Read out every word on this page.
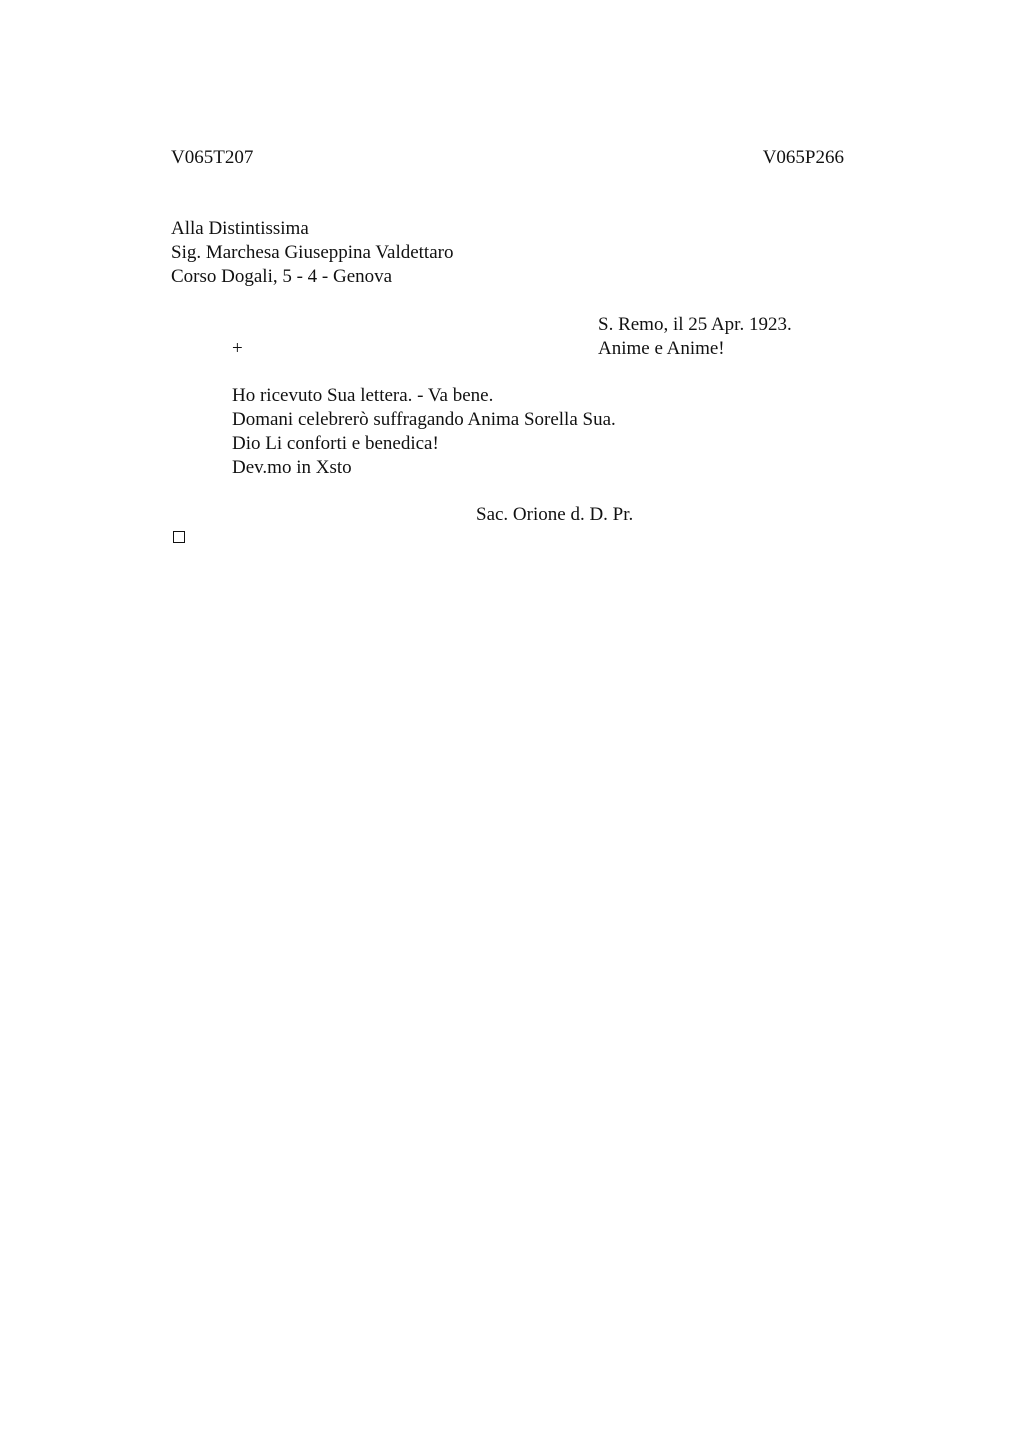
V065T207	V065P266
Alla Distintissima
Sig. Marchesa Giuseppina Valdettaro
Corso Dogali, 5 - 4 - Genova
S. Remo, il 25 Apr. 1923.
Anime e Anime!
+
Ho ricevuto Sua lettera. - Va bene.
Domani celebrerò suffragando Anima Sorella Sua.
Dio Li conforti e benedica!
Dev.mo in Xsto
Sac. Orione d. D. Pr.
